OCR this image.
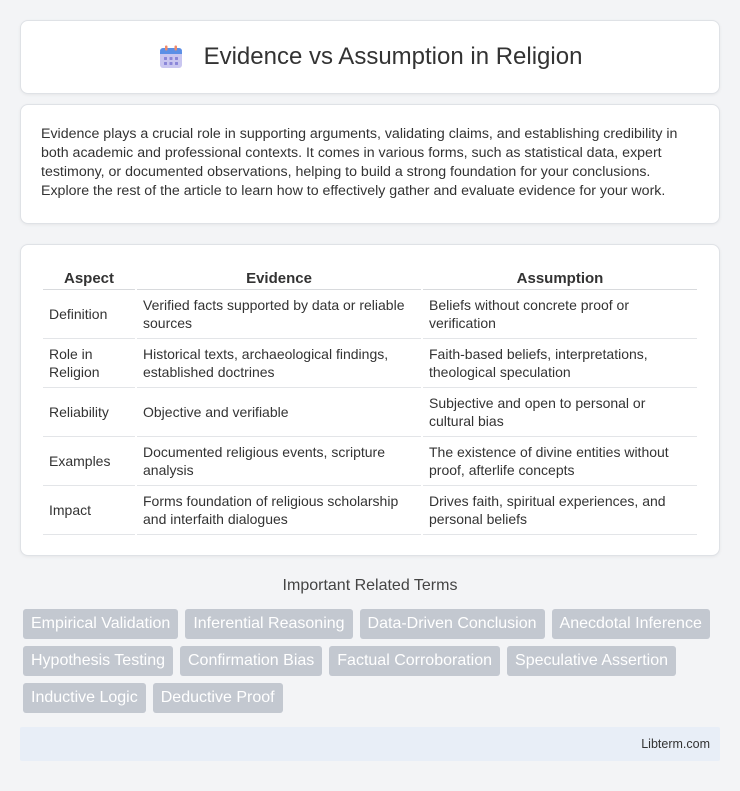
Evidence vs Assumption in Religion

Evidence plays a crucial role in supporting arguments, validating claims, and establishing credibility in both academic and professional contexts. It comes in various forms, such as statistical data, expert testimony, or documented observations, helping to build a strong foundation for your conclusions. Explore the rest of the article to learn how to effectively gather and evaluate evidence for your work.

Aspect	Evidence	Assumption
Definition	Verified facts supported by data or reliable sources	Beliefs without concrete proof or verification
Role in Religion	Historical texts, archaeological findings, established doctrines	Faith-based beliefs, interpretations, theological speculation
Reliability	Objective and verifiable	Subjective and open to personal or cultural bias
Examples	Documented religious events, scripture analysis	The existence of divine entities without proof, afterlife concepts
Impact	Forms foundation of religious scholarship and interfaith dialogues	Drives faith, spiritual experiences, and personal beliefs
Important Related Terms
Empirical Validation	Inferential Reasoning	Data-Driven Conclusion	Anecdotal Inference
Hypothesis Testing	Confirmation Bias	Factual Corroboration	Speculative Assertion
Inductive Logic	Deductive Proof
Libterm.com
